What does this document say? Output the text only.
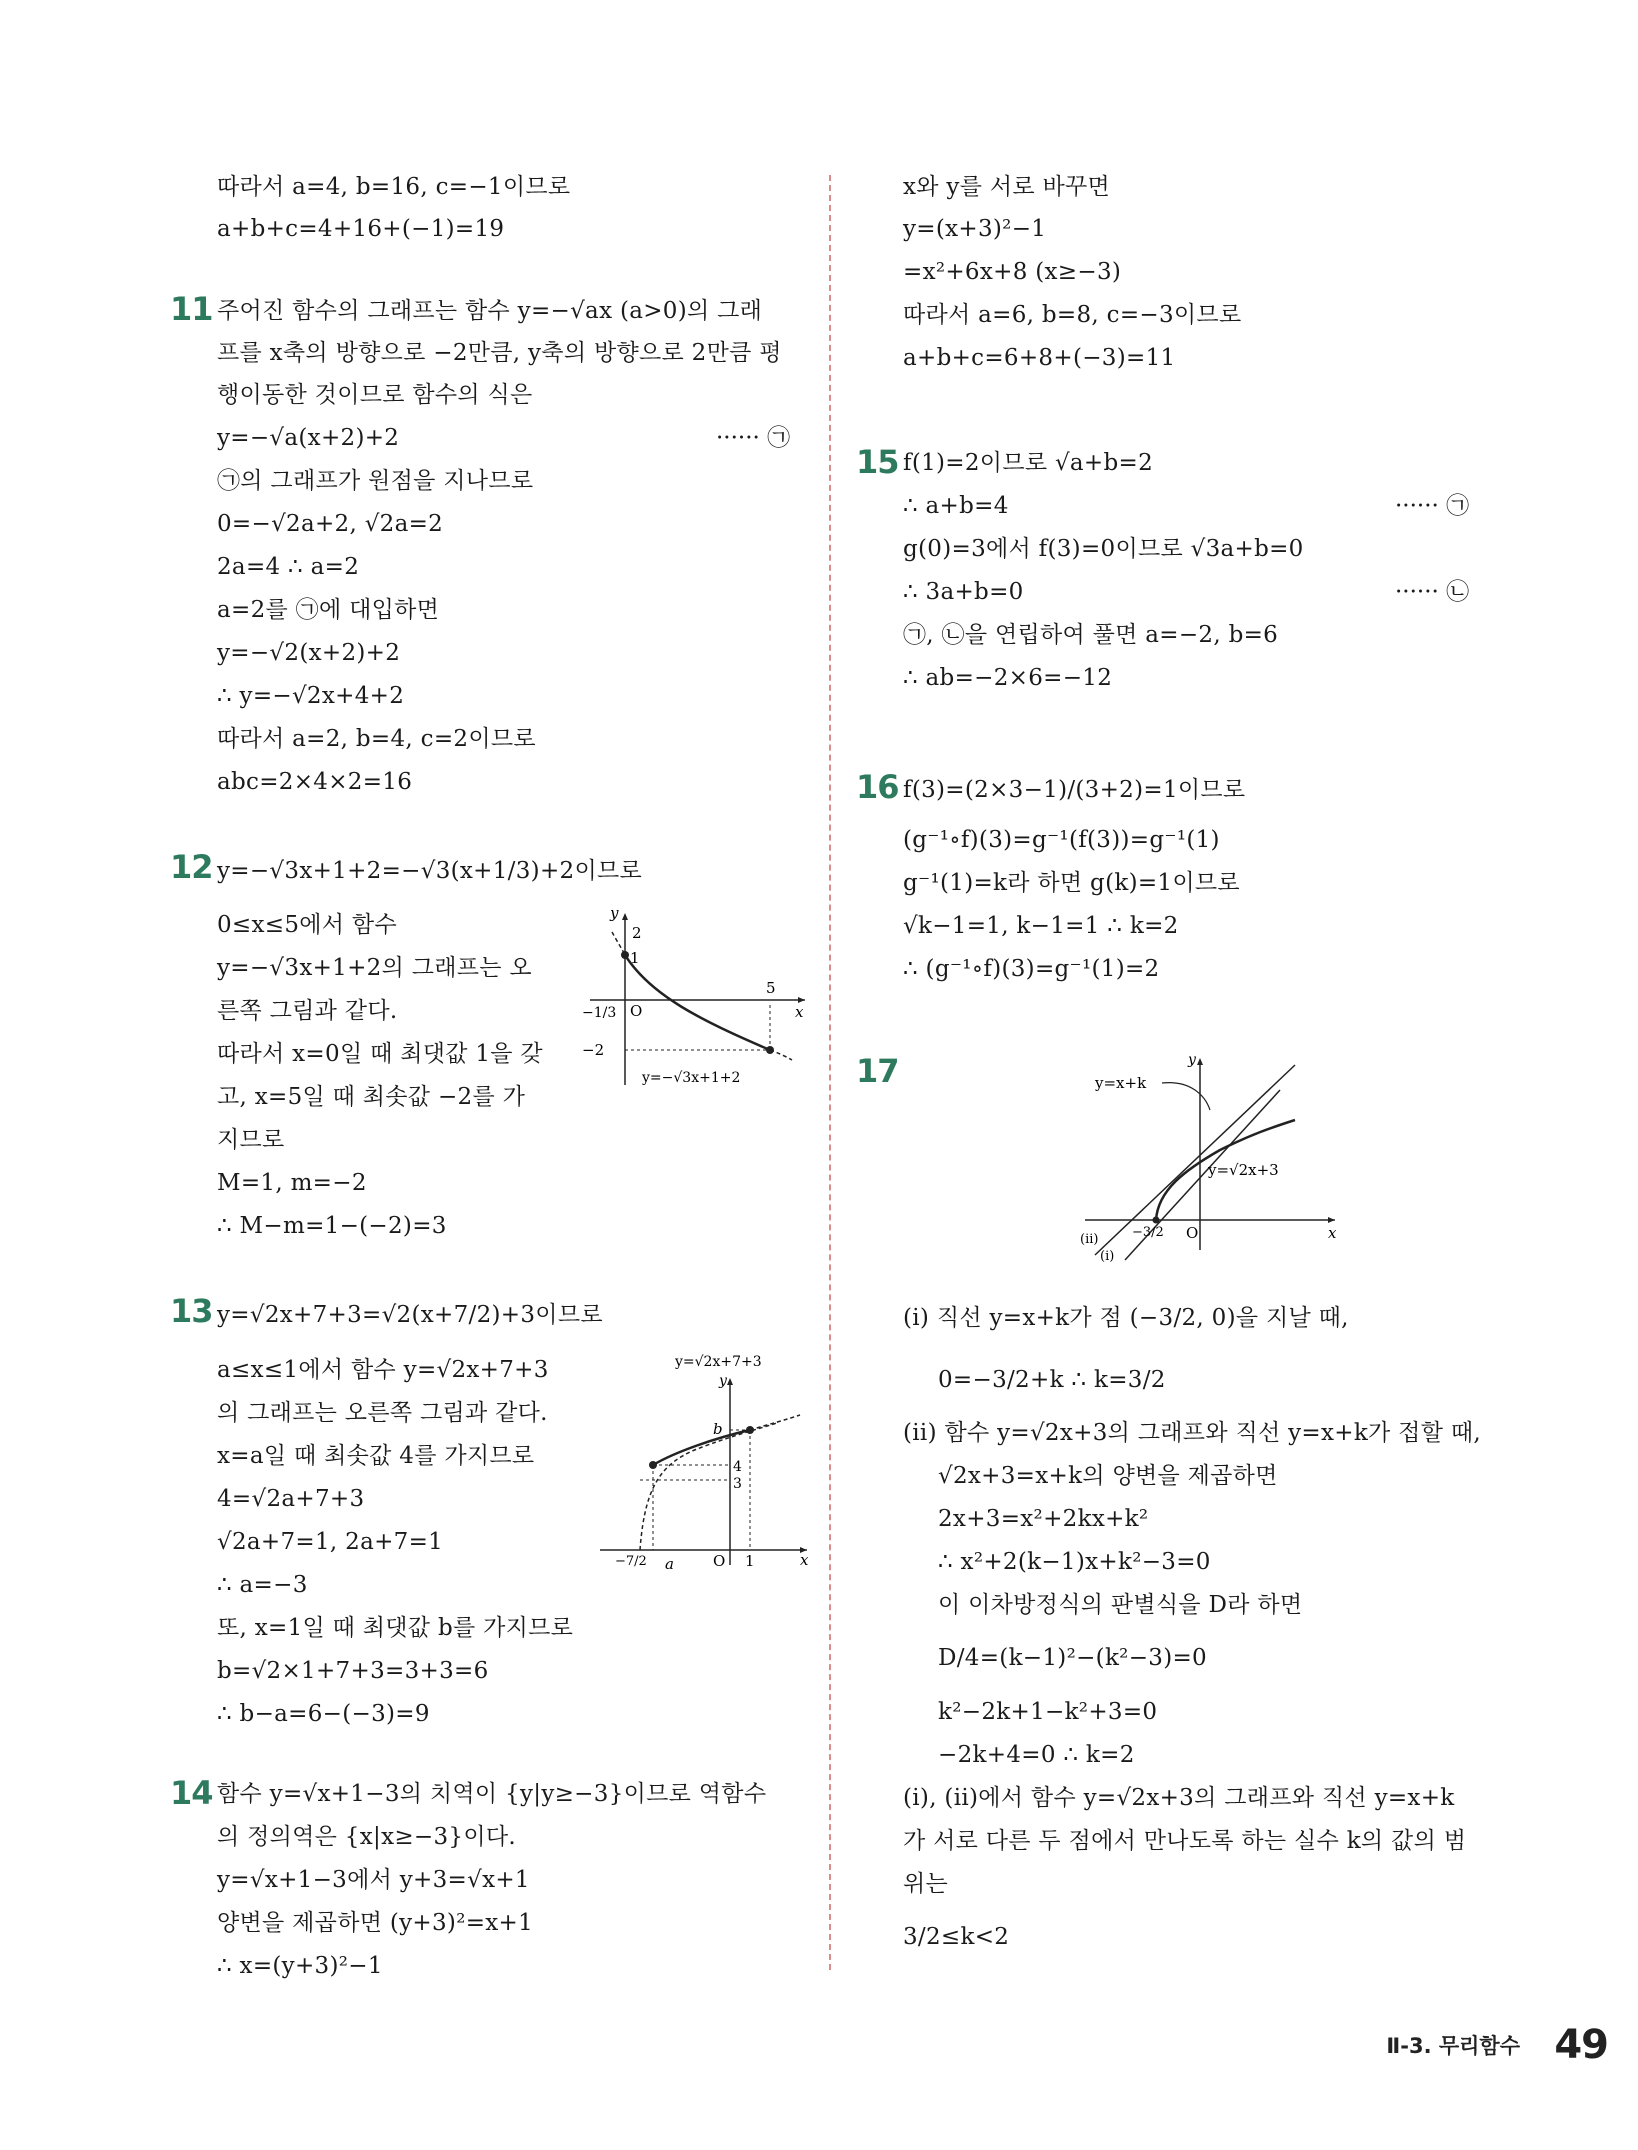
따라서 a=4, b=16, c=−1이므로
a+b+c=4+16+(−1)=19
11 주어진 함수의 그래프는 함수 y=−√ax (a>0)의 그래
프를 x축의 방향으로 −2만큼, y축의 방향으로 2만큼 평
행이동한 것이므로 함수의 식은
y=−√a(x+2)+2	······ ㉠
㉠의 그래프가 원점을 지나므로
0=−√2a+2, √2a=2
2a=4 ∴ a=2
a=2를 ㉠에 대입하면
y=−√2(x+2)+2
∴ y=−√2x+4+2
따라서 a=2, b=4, c=2이므로
abc=2×4×2=16
12 y=−√3x+1+2=−√3(x+1/3)+2이므로
0≤x≤5에서 함수
y=−√3x+1+2의 그래프는 오
른쪽 그림과 같다.
따라서 x=0일 때 최댓값 1을 갖
고, x=5일 때 최솟값 −2를 가
지므로
M=1, m=−2
∴ M−m=1−(−2)=3
y
x
O
2
1
5
−1/3
−2
y=−√3x+1+2
13 y=√2x+7+3=√2(x+7/2)+3이므로
a≤x≤1에서 함수 y=√2x+7+3
의 그래프는 오른쪽 그림과 같다.
x=a일 때 최솟값 4를 가지므로
4=√2a+7+3
√2a+7=1, 2a+7=1
∴ a=−3
또, x=1일 때 최댓값 b를 가지므로
b=√2×1+7+3=3+3=6
∴ b−a=6−(−3)=9
y=√2x+7+3
y
x
O
b
4
3
1
−7/2 a
14 함수 y=√x+1−3의 치역이 {y|y≥−3}이므로 역함수
의 정의역은 {x|x≥−3}이다.
y=√x+1−3에서 y+3=√x+1
양변을 제곱하면 (y+3)²=x+1
∴ x=(y+3)²−1
x와 y를 서로 바꾸면
y=(x+3)²−1
=x²+6x+8 (x≥−3)
따라서 a=6, b=8, c=−3이므로
a+b+c=6+8+(−3)=11
15 f(1)=2이므로 √a+b=2
∴ a+b=4	······ ㉠
g(0)=3에서 f(3)=0이므로 √3a+b=0
∴ 3a+b=0	······ ㉡
㉠, ㉡을 연립하여 풀면 a=−2, b=6
∴ ab=−2×6=−12
16 f(3)=(2×3−1)/(3+2)=1이므로
(g⁻¹∘f)(3)=g⁻¹(f(3))=g⁻¹(1)
g⁻¹(1)=k라 하면 g(k)=1이므로
√k−1=1, k−1=1 ∴ k=2
∴ (g⁻¹∘f)(3)=g⁻¹(1)=2
17	y=x+k
y=√2x+3
y
x
O
−3/2
(ii)
(i)
(i) 직선 y=x+k가 점 (−3/2, 0)을 지날 때,
0=−3/2+k ∴ k=3/2
(ii) 함수 y=√2x+3의 그래프와 직선 y=x+k가 접할 때,
√2x+3=x+k의 양변을 제곱하면
2x+3=x²+2kx+k²
∴ x²+2(k−1)x+k²−3=0
이 이차방정식의 판별식을 D라 하면
D/4=(k−1)²−(k²−3)=0
k²−2k+1−k²+3=0
−2k+4=0 ∴ k=2
(i), (ii)에서 함수 y=√2x+3의 그래프와 직선 y=x+k
가 서로 다른 두 점에서 만나도록 하는 실수 k의 값의 범
위는
3/2≤k<2
Ⅱ-3. 무리함수 49
